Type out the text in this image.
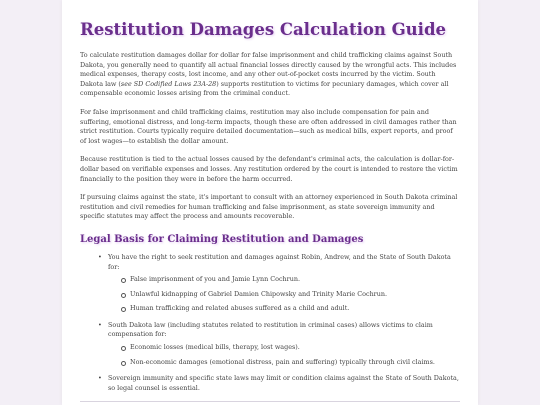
Restitution Damages Calculation Guide

To calculate restitution damages dollar for dollar for false imprisonment and child trafficking claims against South Dakota, you generally need to quantify all actual financial losses directly caused by the wrongful acts. This includes medical expenses, therapy costs, lost income, and any other out-of-pocket costs incurred by the victim. South Dakota law (see SD Codified Laws 23A-28) supports restitution to victims for pecuniary damages, which cover all compensable economic losses arising from the criminal conduct.

For false imprisonment and child trafficking claims, restitution may also include compensation for pain and suffering, emotional distress, and long-term impacts, though these are often addressed in civil damages rather than strict restitution. Courts typically require detailed documentation—such as medical bills, expert reports, and proof of lost wages—to establish the dollar amount.

Because restitution is tied to the actual losses caused by the defendant's criminal acts, the calculation is dollar-for-dollar based on verifiable expenses and losses. Any restitution ordered by the court is intended to restore the victim financially to the position they were in before the harm occurred.

If pursuing claims against the state, it's important to consult with an attorney experienced in South Dakota criminal restitution and civil remedies for human trafficking and false imprisonment, as state sovereign immunity and specific statutes may affect the process and amounts recoverable.

Legal Basis for Claiming Restitution and Damages
• You have the right to seek restitution and damages against Robin, Andrew, and the State of South Dakota for:
False imprisonment of you and Jamie Lynn Cochrun.
Unlawful kidnapping of Gabriel Damien Chipowsky and Trinity Marie Cochrun.
Human trafficking and related abuses suffered as a child and adult.
• South Dakota law (including statutes related to restitution in criminal cases) allows victims to claim compensation for:
Economic losses (medical bills, therapy, lost wages).
Non-economic damages (emotional distress, pain and suffering) typically through civil claims.
• Sovereign immunity and specific state laws may limit or condition claims against the State of South Dakota, so legal counsel is essential.
